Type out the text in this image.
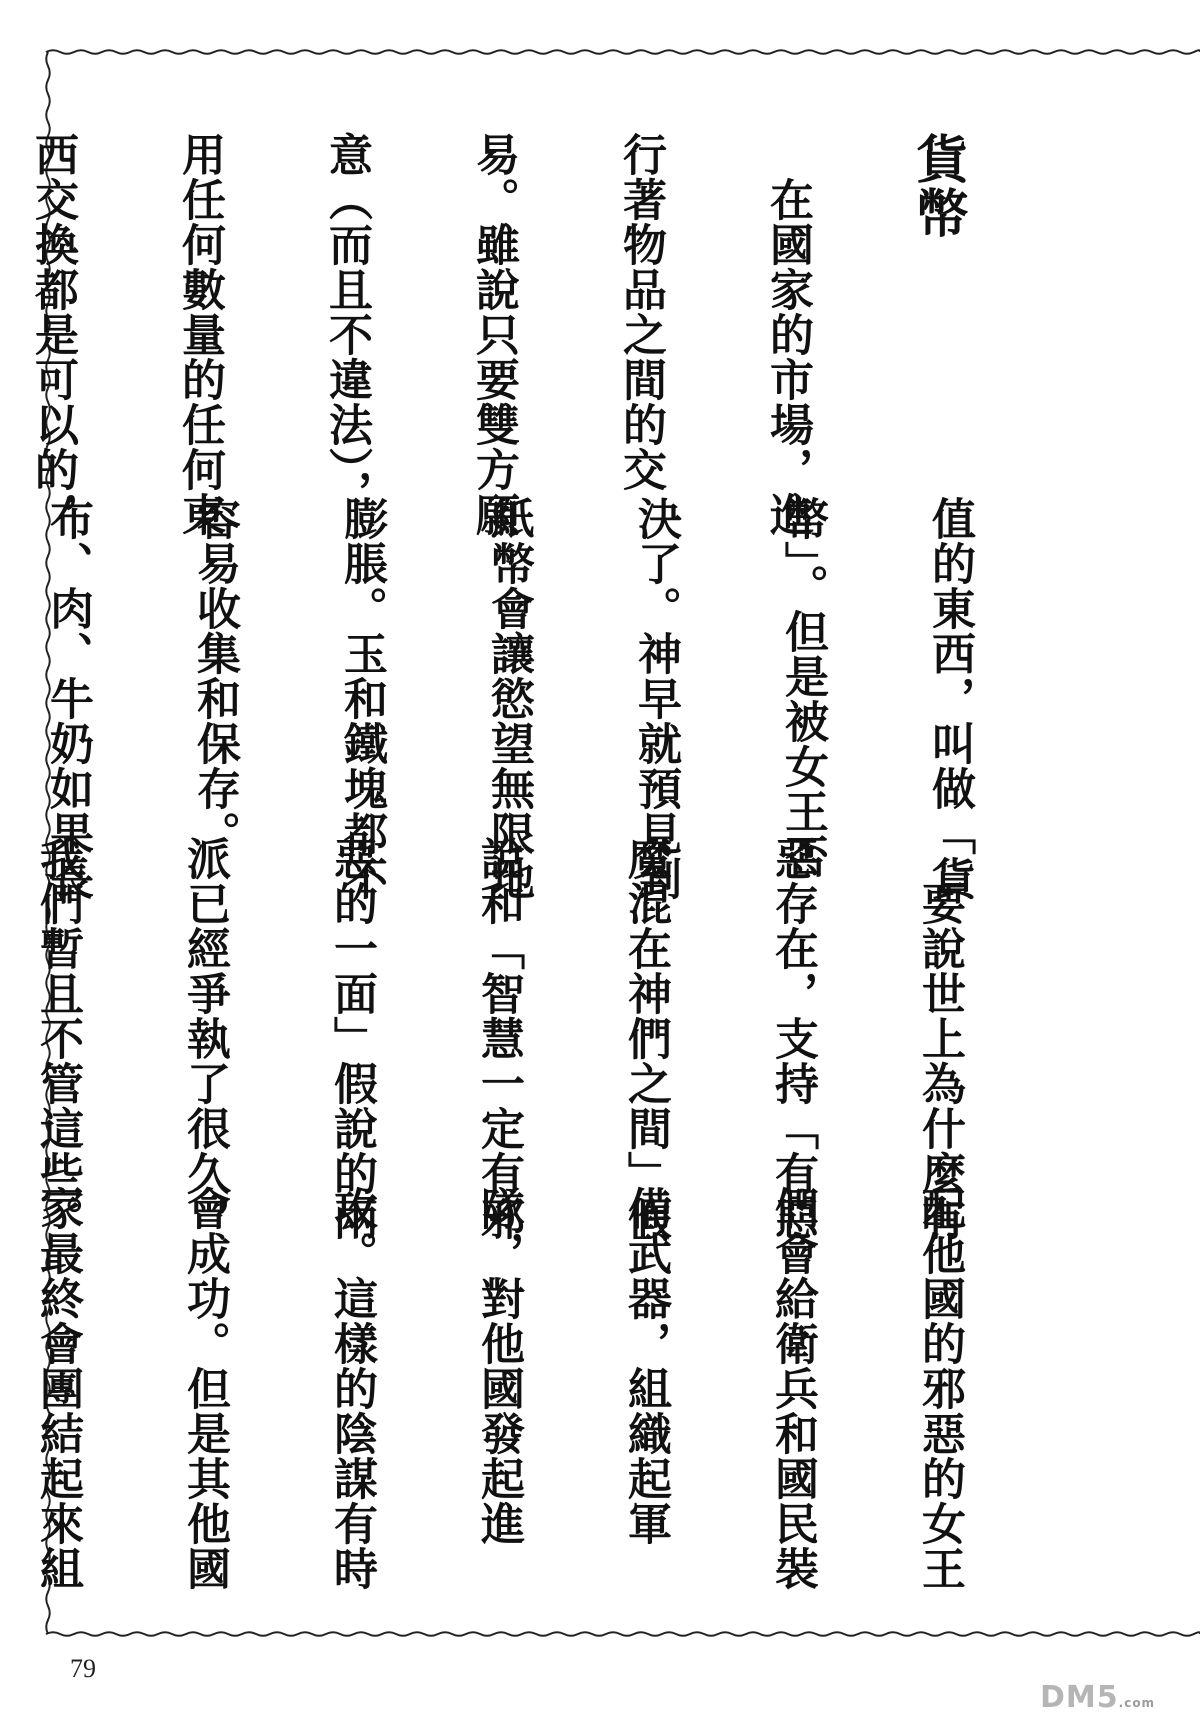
貨幣

　在國家的市場，進

行著物品之間的交

易。雖說只要雙方願

意（而且不違法），

用任何數量的任何東

西交換都是可以的，

值的東西，叫做「貨

幣」。但是被女王否

決了。神早就預見到

紙幣會讓慾望無限地

膨脹。玉和鐵塊都不

容易收集和保存。

布、肉、牛奶如果長

　要說世上為什麼有

惡存在，支持「有惡

魔混在神們之間」假

說和「智慧一定有邪

惡的一面」假說的兩

派已經爭執了很久，

我們暫且不管這些。

配他國的邪惡的女王

們會給衛兵和國民裝

備武器，組織起軍

隊，對他國發起進

攻。這樣的陰謀有時

會成功。但是其他國

家最終會團結起來組

79
DM5.com
